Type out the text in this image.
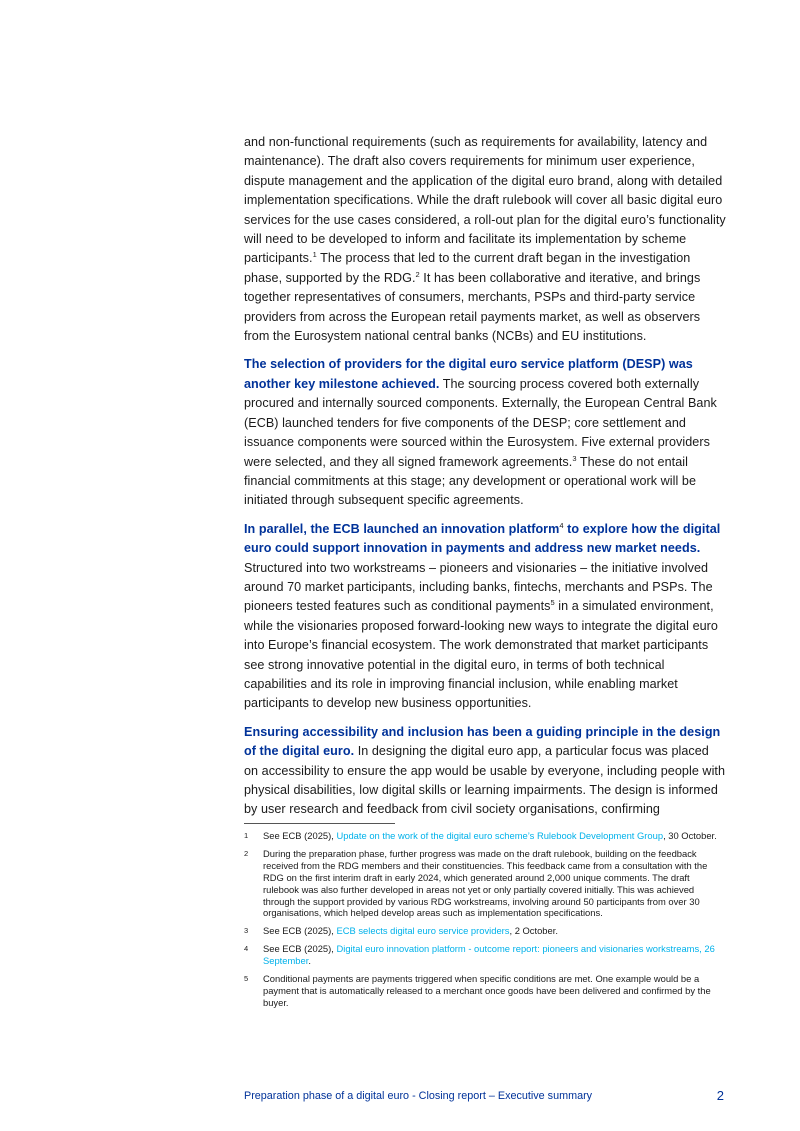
and non-functional requirements (such as requirements for availability, latency and maintenance). The draft also covers requirements for minimum user experience, dispute management and the application of the digital euro brand, along with detailed implementation specifications. While the draft rulebook will cover all basic digital euro services for the use cases considered, a roll-out plan for the digital euro’s functionality will need to be developed to inform and facilitate its implementation by scheme participants.$^1$ The process that led to the current draft began in the investigation phase, supported by the RDG.$^2$ It has been collaborative and iterative, and brings together representatives of consumers, merchants, PSPs and third-party service providers from across the European retail payments market, as well as observers from the Eurosystem national central banks (NCBs) and EU institutions.

The selection of providers for the digital euro service platform (DESP) was another key milestone achieved. The sourcing process covered both externally procured and internally sourced components. Externally, the European Central Bank (ECB) launched tenders for five components of the DESP; core settlement and issuance components were sourced within the Eurosystem. Five external providers were selected, and they all signed framework agreements.$^3$ These do not entail financial commitments at this stage; any development or operational work will be initiated through subsequent specific agreements.

In parallel, the ECB launched an innovation platform$^4$ to explore how the digital euro could support innovation in payments and address new market needs. Structured into two workstreams – pioneers and visionaries – the initiative involved around 70 market participants, including banks, fintechs, merchants and PSPs. The pioneers tested features such as conditional payments$^5$ in a simulated environment, while the visionaries proposed forward-looking new ways to integrate the digital euro into Europe’s financial ecosystem. The work demonstrated that market participants see strong innovative potential in the digital euro, in terms of both technical capabilities and its role in improving financial inclusion, while enabling market participants to develop new business opportunities.

Ensuring accessibility and inclusion has been a guiding principle in the design of the digital euro. In designing the digital euro app, a particular focus was placed on accessibility to ensure the app would be usable by everyone, including people with physical disabilities, low digital skills or learning impairments. The design is informed by user research and feedback from civil society organisations, confirming

1	See ECB (2025), Update on the work of the digital euro scheme’s Rulebook Development Group, 30 October.
2	During the preparation phase, further progress was made on the draft rulebook, building on the feedback received from the RDG members and their constituencies. This feedback came from a consultation with the RDG on the first interim draft in early 2024, which generated around 2,000 unique comments. The draft rulebook was also further developed in areas not yet or only partially covered initially. This was achieved through the support provided by various RDG workstreams, involving around 50 participants from over 30 organisations, which helped develop areas such as implementation specifications.
3	See ECB (2025), ECB selects digital euro service providers, 2 October.
4	See ECB (2025), Digital euro innovation platform - outcome report: pioneers and visionaries workstreams, 26 September.
5	Conditional payments are payments triggered when specific conditions are met. One example would be a payment that is automatically released to a merchant once goods have been delivered and confirmed by the buyer.
Preparation phase of a digital euro - Closing report – Executive summary	2
